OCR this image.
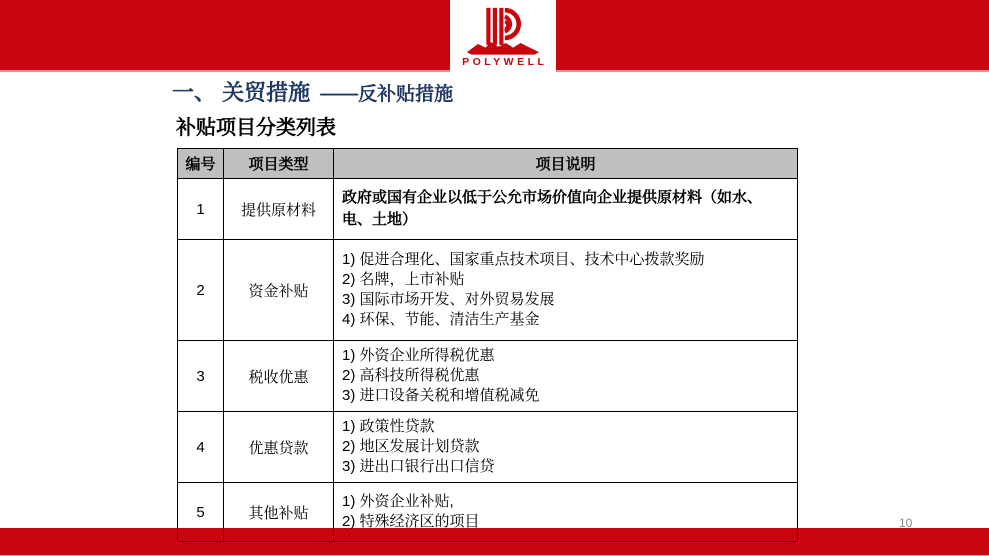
POLYWELL
一、 关贸措施 ——反补贴措施
补贴项目分类列表
编号	项目类型	项目说明
1	提供原材料	政府或国有企业以低于公允市场价值向企业提供原材料（如水、电、土地）

2	资金补贴	1) 促进合理化、国家重点技术项目、技术中心拨款奖励
2) 名牌，上市补贴
3) 国际市场开发、对外贸易发展
4) 环保、节能、清洁生产基金

3	税收优惠	1) 外资企业所得税优惠
2) 高科技所得税优惠
3) 进口设备关税和增值税减免

4	优惠贷款	1) 政策性贷款
2) 地区发展计划贷款
3) 进出口银行出口信贷

5	其他补贴	1) 外资企业补贴,
2) 特殊经济区的项目	10
